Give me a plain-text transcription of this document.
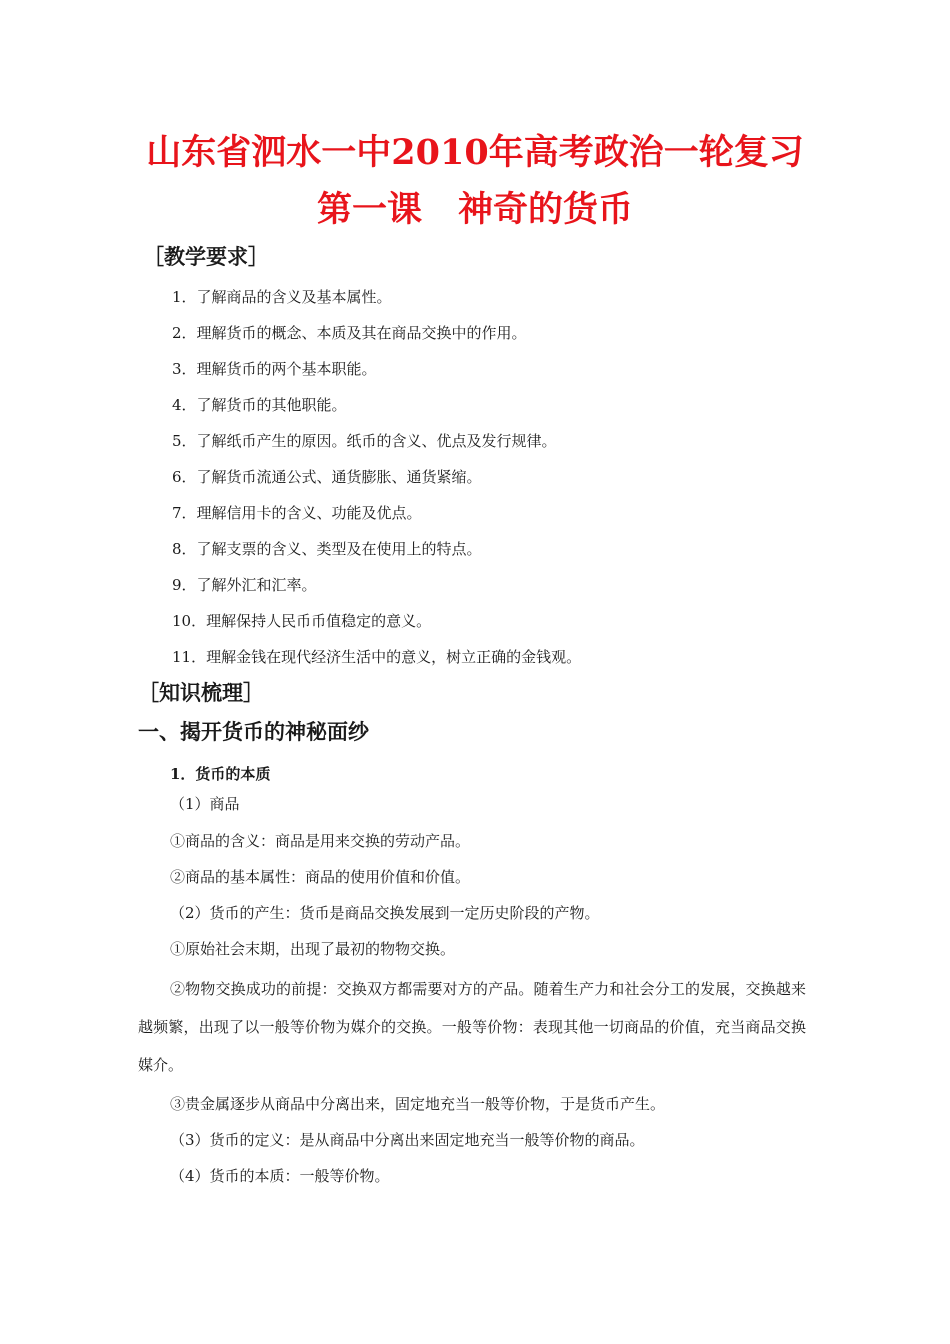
山东省泗水一中2010年高考政治一轮复习
第一课 神奇的货币
［教学要求］
1．了解商品的含义及基本属性。
2．理解货币的概念、本质及其在商品交换中的作用。
3．理解货币的两个基本职能。
4．了解货币的其他职能。
5．了解纸币产生的原因。纸币的含义、优点及发行规律。
6．了解货币流通公式、通货膨胀、通货紧缩。
7．理解信用卡的含义、功能及优点。
8．了解支票的含义、类型及在使用上的特点。
9．了解外汇和汇率。
10．理解保持人民币币值稳定的意义。
11．理解金钱在现代经济生活中的意义，树立正确的金钱观。
［知识梳理］
一、揭开货币的神秘面纱
1．货币的本质
（1）商品
①商品的含义：商品是用来交换的劳动产品。
②商品的基本属性：商品的使用价值和价值。
（2）货币的产生：货币是商品交换发展到一定历史阶段的产物。
①原始社会末期，出现了最初的物物交换。

②物物交换成功的前提：交换双方都需要对方的产品。随着生产力和社会分工的发展，交换越来越频繁，出现了以一般等价物为媒介的交换。一般等价物：表现其他一切商品的价值，充当商品交换媒介。

③贵金属逐步从商品中分离出来，固定地充当一般等价物，于是货币产生。
（3）货币的定义：是从商品中分离出来固定地充当一般等价物的商品。
（4）货币的本质：一般等价物。
